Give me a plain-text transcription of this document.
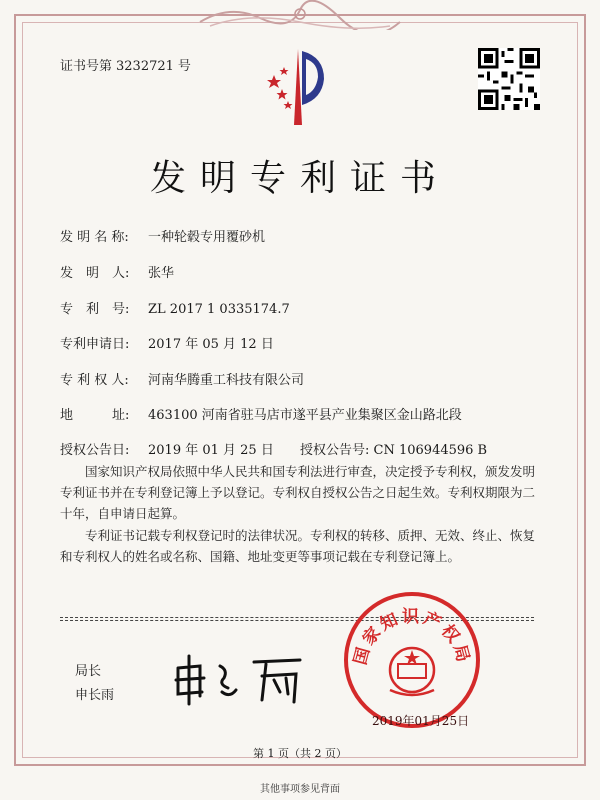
证书号第 3232721 号
发明专利证书
发 明 名 称: 一种轮毂专用覆砂机
发　明　人: 张华
专　利　号: ZL 2017 1 0335174.7
专利申请日: 2017 年 05 月 12 日
专 利 权 人: 河南华腾重工科技有限公司
地　　　址: 463100 河南省驻马店市遂平县产业集聚区金山路北段
授权公告日: 2019 年 01 月 25 日 授权公告号: CN 106944596 B
国家知识产权局依照中华人民共和国专利法进行审查，决定授予专利权，颁发发明专利证书并在专利登记簿上予以登记。专利权自授权公告之日起生效。专利权期限为二十年，自申请日起算。
专利证书记载专利权登记时的法律状况。专利权的转移、质押、无效、终止、恢复和专利权人的姓名或名称、国籍、地址变更等事项记载在专利登记簿上。
局长
申长雨
国家知识产权局
2019年01月25日
第 1 页（共 2 页）
其他事项参见背面
